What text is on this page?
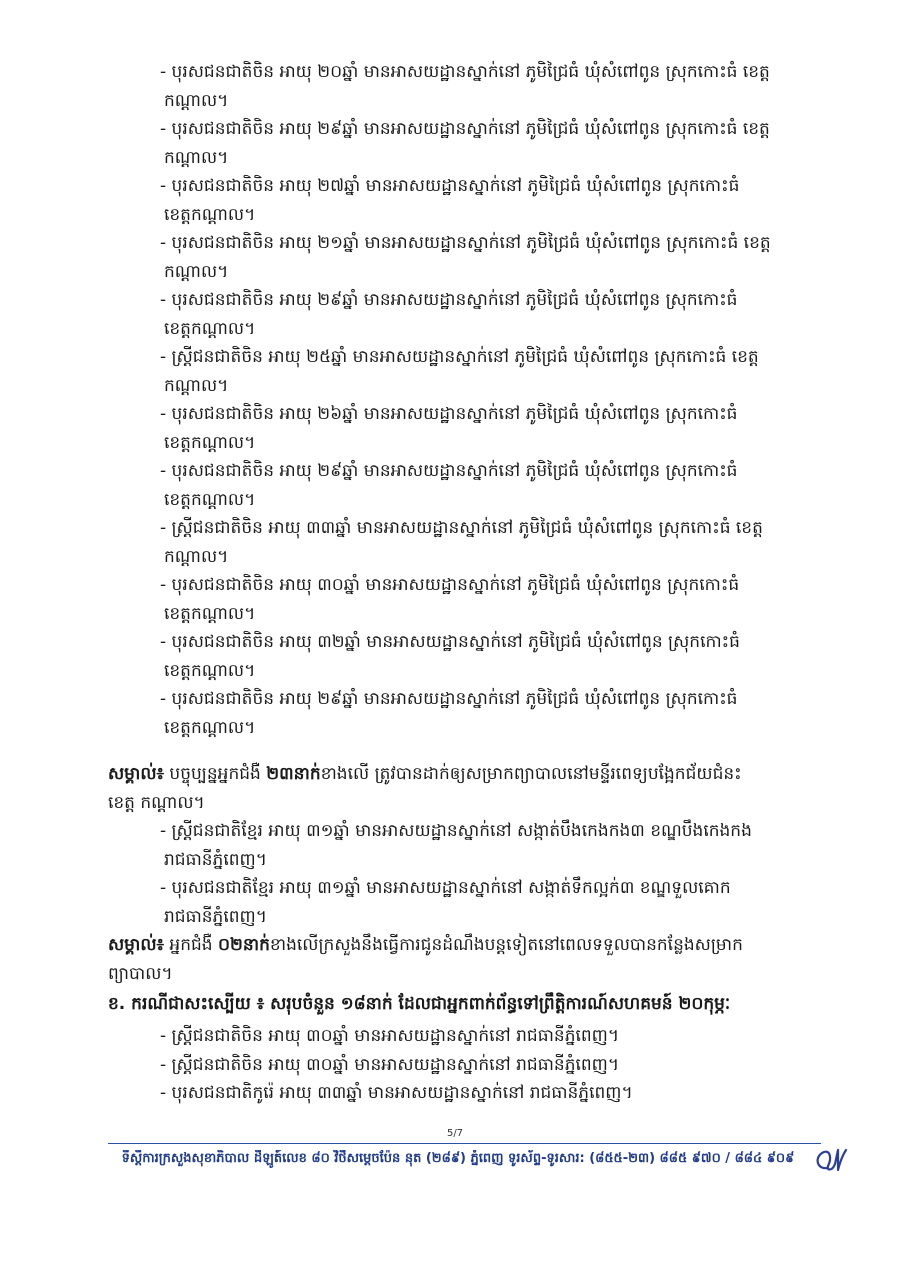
- បុរសជនជាតិចិន អាយុ ២០ឆ្នាំ មានអាសយដ្ឋានស្នាក់នៅ ភូមិជ្រៃធំ ឃុំសំពៅពូន ស្រុកកោះធំ ខេត្ត
កណ្ដាល។
- បុរសជនជាតិចិន អាយុ ២៩ឆ្នាំ មានអាសយដ្ឋានស្នាក់នៅ ភូមិជ្រៃធំ ឃុំសំពៅពូន ស្រុកកោះធំ ខេត្ត
កណ្ដាល។
- បុរសជនជាតិចិន អាយុ ២៧ឆ្នាំ មានអាសយដ្ឋានស្នាក់នៅ ភូមិជ្រៃធំ ឃុំសំពៅពូន ស្រុកកោះធំ
ខេត្តកណ្ដាល។
- បុរសជនជាតិចិន អាយុ ២១ឆ្នាំ មានអាសយដ្ឋានស្នាក់នៅ ភូមិជ្រៃធំ ឃុំសំពៅពូន ស្រុកកោះធំ ខេត្ត
កណ្ដាល។
- បុរសជនជាតិចិន អាយុ ២៩ឆ្នាំ មានអាសយដ្ឋានស្នាក់នៅ ភូមិជ្រៃធំ ឃុំសំពៅពូន ស្រុកកោះធំ
ខេត្តកណ្ដាល។
- ស្ត្រីជនជាតិចិន អាយុ ២៥ឆ្នាំ មានអាសយដ្ឋានស្នាក់នៅ ភូមិជ្រៃធំ ឃុំសំពៅពូន ស្រុកកោះធំ ខេត្ត
កណ្ដាល។
- បុរសជនជាតិចិន អាយុ ២៦ឆ្នាំ មានអាសយដ្ឋានស្នាក់នៅ ភូមិជ្រៃធំ ឃុំសំពៅពូន ស្រុកកោះធំ
ខេត្តកណ្ដាល។
- បុរសជនជាតិចិន អាយុ ២៩ឆ្នាំ មានអាសយដ្ឋានស្នាក់នៅ ភូមិជ្រៃធំ ឃុំសំពៅពូន ស្រុកកោះធំ
ខេត្តកណ្ដាល។
- ស្ត្រីជនជាតិចិន អាយុ ៣៣ឆ្នាំ មានអាសយដ្ឋានស្នាក់នៅ ភូមិជ្រៃធំ ឃុំសំពៅពូន ស្រុកកោះធំ ខេត្ត
កណ្ដាល។
- បុរសជនជាតិចិន អាយុ ៣០ឆ្នាំ មានអាសយដ្ឋានស្នាក់នៅ ភូមិជ្រៃធំ ឃុំសំពៅពូន ស្រុកកោះធំ
ខេត្តកណ្ដាល។
- បុរសជនជាតិចិន អាយុ ៣២ឆ្នាំ មានអាសយដ្ឋានស្នាក់នៅ ភូមិជ្រៃធំ ឃុំសំពៅពូន ស្រុកកោះធំ
ខេត្តកណ្ដាល។
- បុរសជនជាតិចិន អាយុ ២៩ឆ្នាំ មានអាសយដ្ឋានស្នាក់នៅ ភូមិជ្រៃធំ ឃុំសំពៅពូន ស្រុកកោះធំ
ខេត្តកណ្ដាល។
សម្គាល់៖ បច្ចុប្បន្នអ្នកជំងឺ ២៣នាក់ខាងលើ ត្រូវបានដាក់ឲ្យសម្រាកព្យាបាលនៅមន្ទីរពេទ្យបង្អែកជ័យជំនះ
ខេត្ត កណ្ដាល។
- ស្ត្រីជនជាតិខ្មែរ អាយុ ៣១ឆ្នាំ មានអាសយដ្ឋានស្នាក់នៅ សង្កាត់បឹងកេងកង៣ ខណ្ឌបឹងកេងកង
រាជធានីភ្នំពេញ។
- បុរសជនជាតិខ្មែរ អាយុ ៣១ឆ្នាំ មានអាសយដ្ឋានស្នាក់នៅ សង្កាត់ទឹកល្អក់៣ ខណ្ឌទួលគោក
រាជធានីភ្នំពេញ។
សម្គាល់៖ អ្នកជំងឺ ០២នាក់ខាងលើក្រសួងនឹងធ្វើការជូនដំណឹងបន្តទៀតនៅពេលទទួលបានកន្លែងសម្រាក
ព្យាបាល។
ខ. ករណីជាសះស្បើយ ៖ សរុបចំនួន ១៨នាក់ ដែលជាអ្នកពាក់ព័ន្ធទៅព្រឹត្តិការណ៍សហគមន៍ ២០កុម្ភៈ
- ស្ត្រីជនជាតិចិន អាយុ ៣០ឆ្នាំ មានអាសយដ្ឋានស្នាក់នៅ រាជធានីភ្នំពេញ។
- ស្ត្រីជនជាតិចិន អាយុ ៣០ឆ្នាំ មានអាសយដ្ឋានស្នាក់នៅ រាជធានីភ្នំពេញ។
- បុរសជនជាតិកូរ៉េ អាយុ ៣៣ឆ្នាំ មានអាសយដ្ឋានស្នាក់នៅ រាជធានីភ្នំពេញ។
5/7
ទីស្ដីការក្រសួងសុខាភិបាល ដីឡូត៍លេខ ៨០ វិថីសម្ដេចប៉ែន នុត (២៨៩) ភ្នំពេញ ទូរស័ព្ទ-ទូរសារ: (៨៥៥-២៣) ៨៨៥ ៩៧០ / ៨៨៤ ៩០៩
